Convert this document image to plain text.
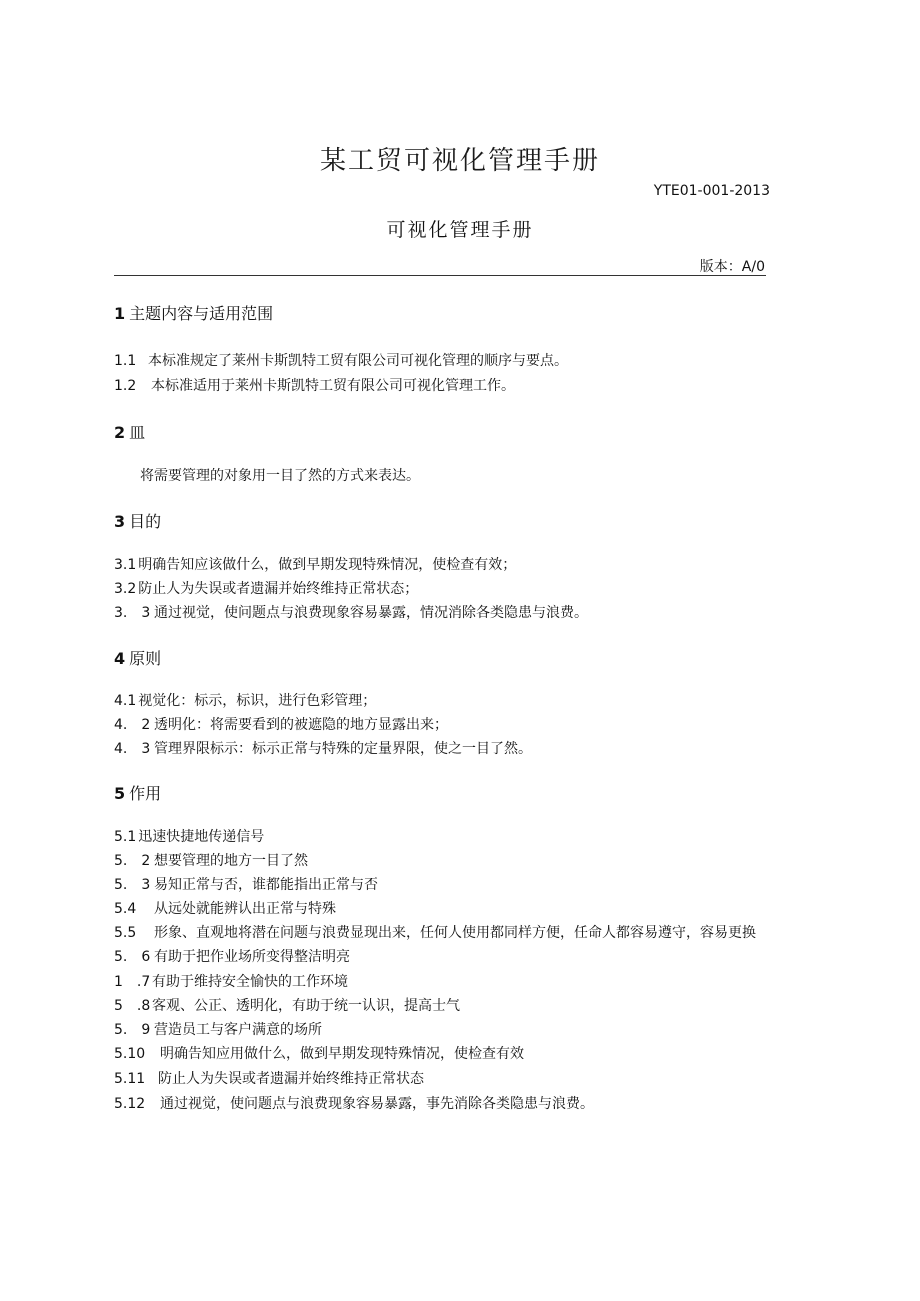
某工贸可视化管理手册
YTE01-001-2013
可视化管理手册
版本：A/0
1 主题内容与适用范围
1.1 本标准规定了莱州卡斯凯特工贸有限公司可视化管理的顺序与要点。
1.2 本标准适用于莱州卡斯凯特工贸有限公司可视化管理工作。
2 皿
将需要管理的对象用一目了然的方式来表达。
3 目的
3.1 明确告知应该做什么，做到早期发现特殊情况，使检查有效；
3.2 防止人为失误或者遗漏并始终维持正常状态；
3.　3 通过视觉，使问题点与浪费现象容易暴露，情况消除各类隐患与浪费。
4 原则
4.1 视觉化：标示，标识，进行色彩管理；
4.　2 透明化：将需要看到的被遮隐的地方显露出来；
4.　3 管理界限标示：标示正常与特殊的定量界限，使之一目了然。
5 作用
5.1 迅速快捷地传递信号
5.　2 想要管理的地方一目了然
5.　3 易知正常与否，谁都能指出正常与否
5.4 从远处就能辨认出正常与特殊
5.5 形象、直观地将潜在问题与浪费显现出来，任何人使用都同样方便，任命人都容易遵守，容易更换
5.　6 有助于把作业场所变得整洁明亮
1　.7 有助于维持安全愉快的工作环境
5　.8 客观、公正、透明化，有助于统一认识，提高士气
5.　9 营造员工与客户满意的场所
5.10 明确告知应用做什么，做到早期发现特殊情况，使检查有效
5.11 防止人为失误或者遗漏并始终维持正常状态
5.12 通过视觉，使问题点与浪费现象容易暴露，事先消除各类隐患与浪费。
